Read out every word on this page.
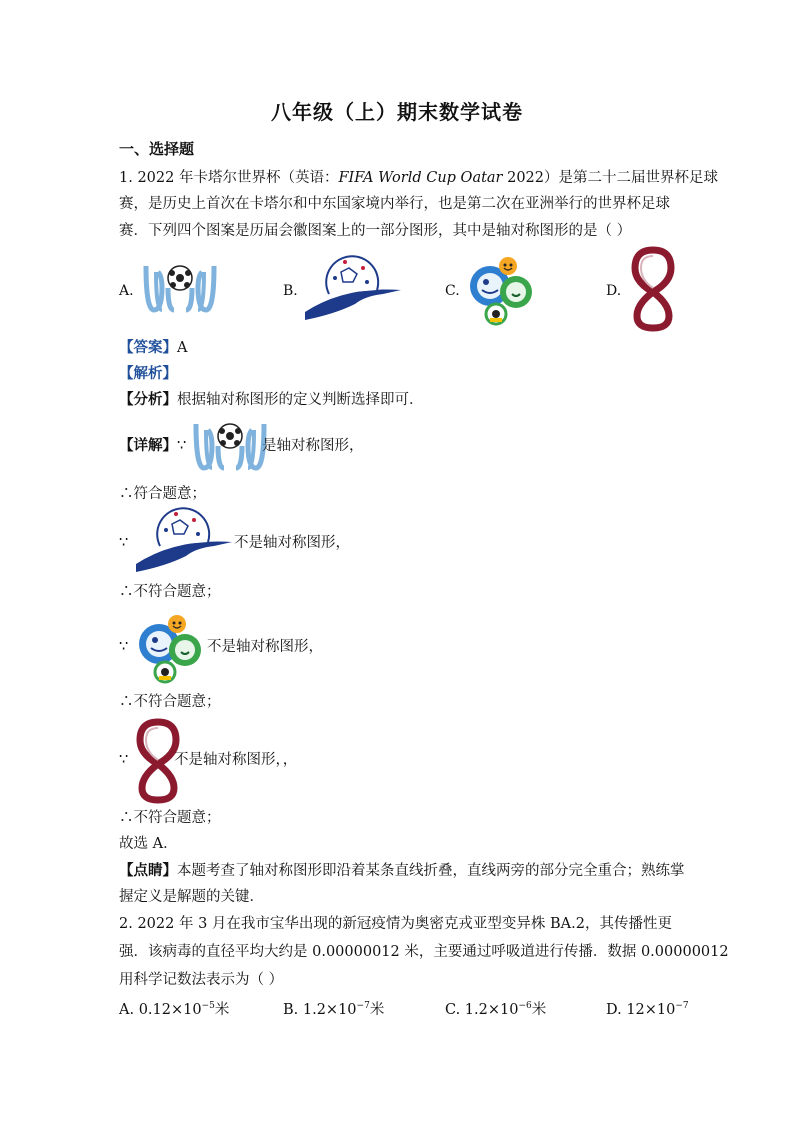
八年级（上）期末数学试卷
一、选择题
1. 2022 年卡塔尔世界杯（英语：FIFA World Cup Oatar 2022）是第二十二届世界杯足球
赛，是历史上首次在卡塔尔和中东国家境内举行，也是第二次在亚洲举行的世界杯足球
赛．下列四个图案是历届会徽图案上的一部分图形，其中是轴对称图形的是（ ）
A.	B.	C.	D.
【答案】A
【解析】
【分析】根据轴对称图形的定义判断选择即可．
【详解】∵	是轴对称图形，
∴符合题意；
∵	不是轴对称图形，
∴不符合题意；
∵	不是轴对称图形，
∴不符合题意；
∵	不是轴对称图形，，
∴不符合题意；
故选 A．
【点睛】本题考查了轴对称图形即沿着某条直线折叠，直线两旁的部分完全重合；熟练掌
握定义是解题的关键．
2. 2022 年 3 月在我市宝华出现的新冠疫情为奥密克戎亚型变异株 BA.2，其传播性更
强．该病毒的直径平均大约是 0.00000012 米，主要通过呼吸道进行传播．数据 0.00000012
用科学记数法表示为（ ）
A. $0.12\times 10^{-5}$米	B. $1.2\times 10^{-7}$米	C. $1.2\times 10^{-6}$米	D. $12\times 10^{-7}$
